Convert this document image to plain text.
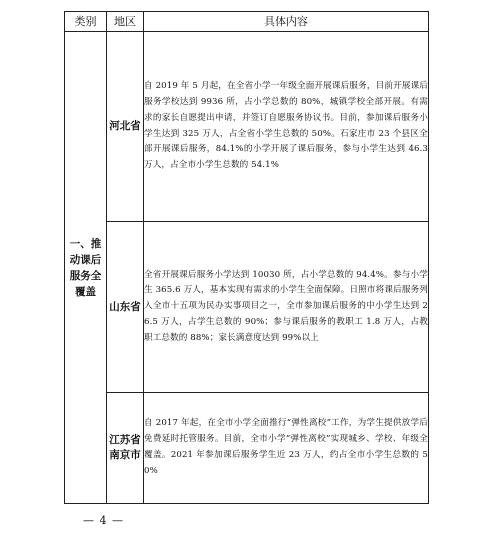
类别	地区	具体内容
一、推动课后服务全覆盖	河北省	自 2019 年 5 月起，在全省小学一年级全面开展课后服务，目前开展课后服务学校达到 9936 所，占小学总数的 80%，城镇学校全部开展。有需求的家长自愿提出申请，并签订自愿服务协议书。目前，参加课后服务小学生达到 325 万人，占全省小学生总数的 50%。石家庄市 23 个县区全部开展课后服务，84.1%的小学开展了课后服务，参与小学生达到 46.3 万人，占全市小学生总数的 54.1%
	山东省	全省开展课后服务小学达到 10030 所，占小学总数的 94.4%。参与小学生 365.6 万人，基本实现有需求的小学生全面保障。日照市将课后服务列入全市十五项为民办实事项目之一，全市参加课后服务的中小学生达到 26.5 万人，占学生总数的 90%；参与课后服务的教职工 1.8 万人，占教职工总数的 88%；家长满意度达到 99%以上
	江苏省南京市	自 2017 年起，在全市小学全面推行“弹性离校”工作，为学生提供放学后免费延时托管服务。目前，全市小学“弹性离校”实现城乡、学校、年级全覆盖。2021 年参加课后服务学生近 23 万人，约占全市小学生总数的 50%
— 4 —
